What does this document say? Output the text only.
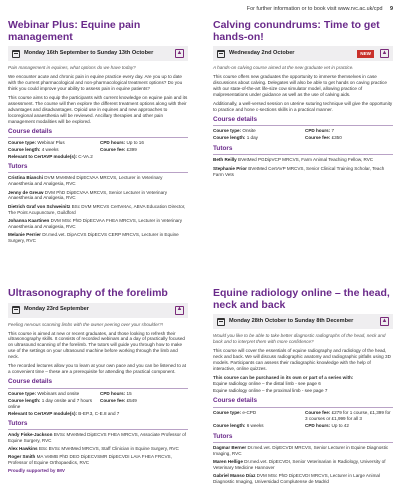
For further information or to book visit www.rvc.ac.uk/cpd 9
Webinar Plus: Equine pain management
Monday 16th September to Sunday 13th October	▲
Pain management in equines, what options do we have today?

We encounter acute and chronic pain in equine practice every day. Are you up to date with the current pharmacological and non-pharmacological treatment options? Do you think you could improve your ability to assess pain in equine patients?

This course aims to equip the participants with current knowledge on equine pain and its assessment. The course will then explore the different treatment options along with their advantages and disadvantages. Opioid use in equines and new approaches to locoregional anaesthesia will be reviewed. Ancillary therapies and other pain management modalities will be explored.

Course details
Course type: Webinar Plus	CPD hours: Up to 16
Course length: 4 weeks	Course fee: £399
Relevant to CertAVP module(s): C-VA.2
Tutors
Cristina Bianchi DVM MVetMed DipECVAA MRCVS, Lecturer in Veterinary Anaesthesia and Analgesia, RVC
Jenny de Greuw DVM PhD DipECVAA MRCVS, Senior Lecturer in Veterinary Anaesthesia and Analgesia, RVC
Dietrich Graf von Schweinitz BSc DVM MRCVS CertVetAc, ABVA Education Director, The Point Acupuncture, Guildford
Johanna Kaartinen DVM MSc PhD DipECVAA FHEA MRCVS, Lecturer in Veterinary Anaesthesia and Analgesia, RVC
Melanie Perrier Dr.med.vet. DipACVS DipECVS CERP MRCVS, Lecturer in Equine Surgery, RVC
Ultrasonography of the forelimb
Monday 23rd September	▲
Feeling nervous scanning limbs with the owner peering over your shoulder?!

This course is aimed at new or recent graduates, and those looking to refresh their ultrasonography skills. It consists of recorded webinars and a day of practically focused on ultrasound scanning of the forelimb. The tutors will guide you through how to make use of the settings on your ultrasound machine before working through the limb and neck.

The recorded lectures allow you to learn at your own pace and you can be listened to at a convenient time – these are a prerequisite for attending the practical component.

Course details
Course type: Webinars and onsite	CPD hours: 15
Course length: 1 day onsite and 7 hours online
Course fee: £549
Relevant to CertAVP module(s): B-EP.3, C-E.8 and 7
Tutors
Andy Fiske-Jackson BVSc MVetMed DipECVS FHEA MRCVS, Associate Professor of Equine Surgery, RVC
Alex Hawkins BSc BVSc MVetMed MRCVS, Staff Clinician in Equine Surgery, RVC
Roger Smith MA VetMB PhD DEO DipECVSMR DipECVDI LAIA FHEA FRCVS, Professor of Equine Orthopaedics, RVC
Proudly supported by IMV
Calving conundrums: Time to get hands-on!
Wednesday 2nd October	NEW	▲
A hands-on calving course aimed at the new graduate vet in practice.

This course offers new graduates the opportunity to immerse themselves in case discussions about calving. Delegates will also be able to get hands on caving practice with our state-of-the-art life-size cow simulator model, allowing practice of malpresentations under guidance as well as the use of calving aids.

Additionally, a well-versed session on uterine suturing technique will give the opportunity to practice and hone c-sections skills in a practical manner.

Course details
Course type: Onsite	CPD hours: 7
Course length: 1 day	Course fee: £350
Tutors
Beth Reilly BVetMed PGDipVCP MRCVS, Farm Animal Teaching Fellow, RVC
Stephanie Prior BVetMed CertAVP MRCVS, Senior Clinical Training Scholar, Teach Farm Vets
Equine radiology online – the head, neck and back
Monday 28th October to Sunday 8th December	▲
Would you like to be able to take better diagnostic radiographs of the head, neck and back and to interpret them with more confidence?

This course will cover the essentials of equine radiography and radiology of the head, neck and back. We will discuss radiographic anatomy and radiographic pitfalls using 3D models. Participants can assess their radiographic knowledge with the help of interactive, online quizzes.

This course can be purchased in its own or part of a series with:

Equine radiology online – the distal limb - see page 6
Equine radiology online – the proximal limb - see page 7
Course details
Course type: e-CPD	Course fee: £279 for 1 course, £1,399 for 3 courses or £1,999 for all 3
Course length: 6 weeks	CPD hours: Up to 42
Tutors
Dagmar Berner Dr.med.vet. DipECVDI MRCVS, Senior Lecturer in Equine Diagnostic Imaging, RVC
Maren Hellige Dr.med.vet. DipECVDI, Senior Veterinarian in Radiology, University of Veterinary Medicine Hannover
Gabriel Manso Díaz DVM MSc PhD DipECVDI MRCVS, Lecturer in Large Animal Diagnostic Imaging, Universidad Complutense de Madrid
